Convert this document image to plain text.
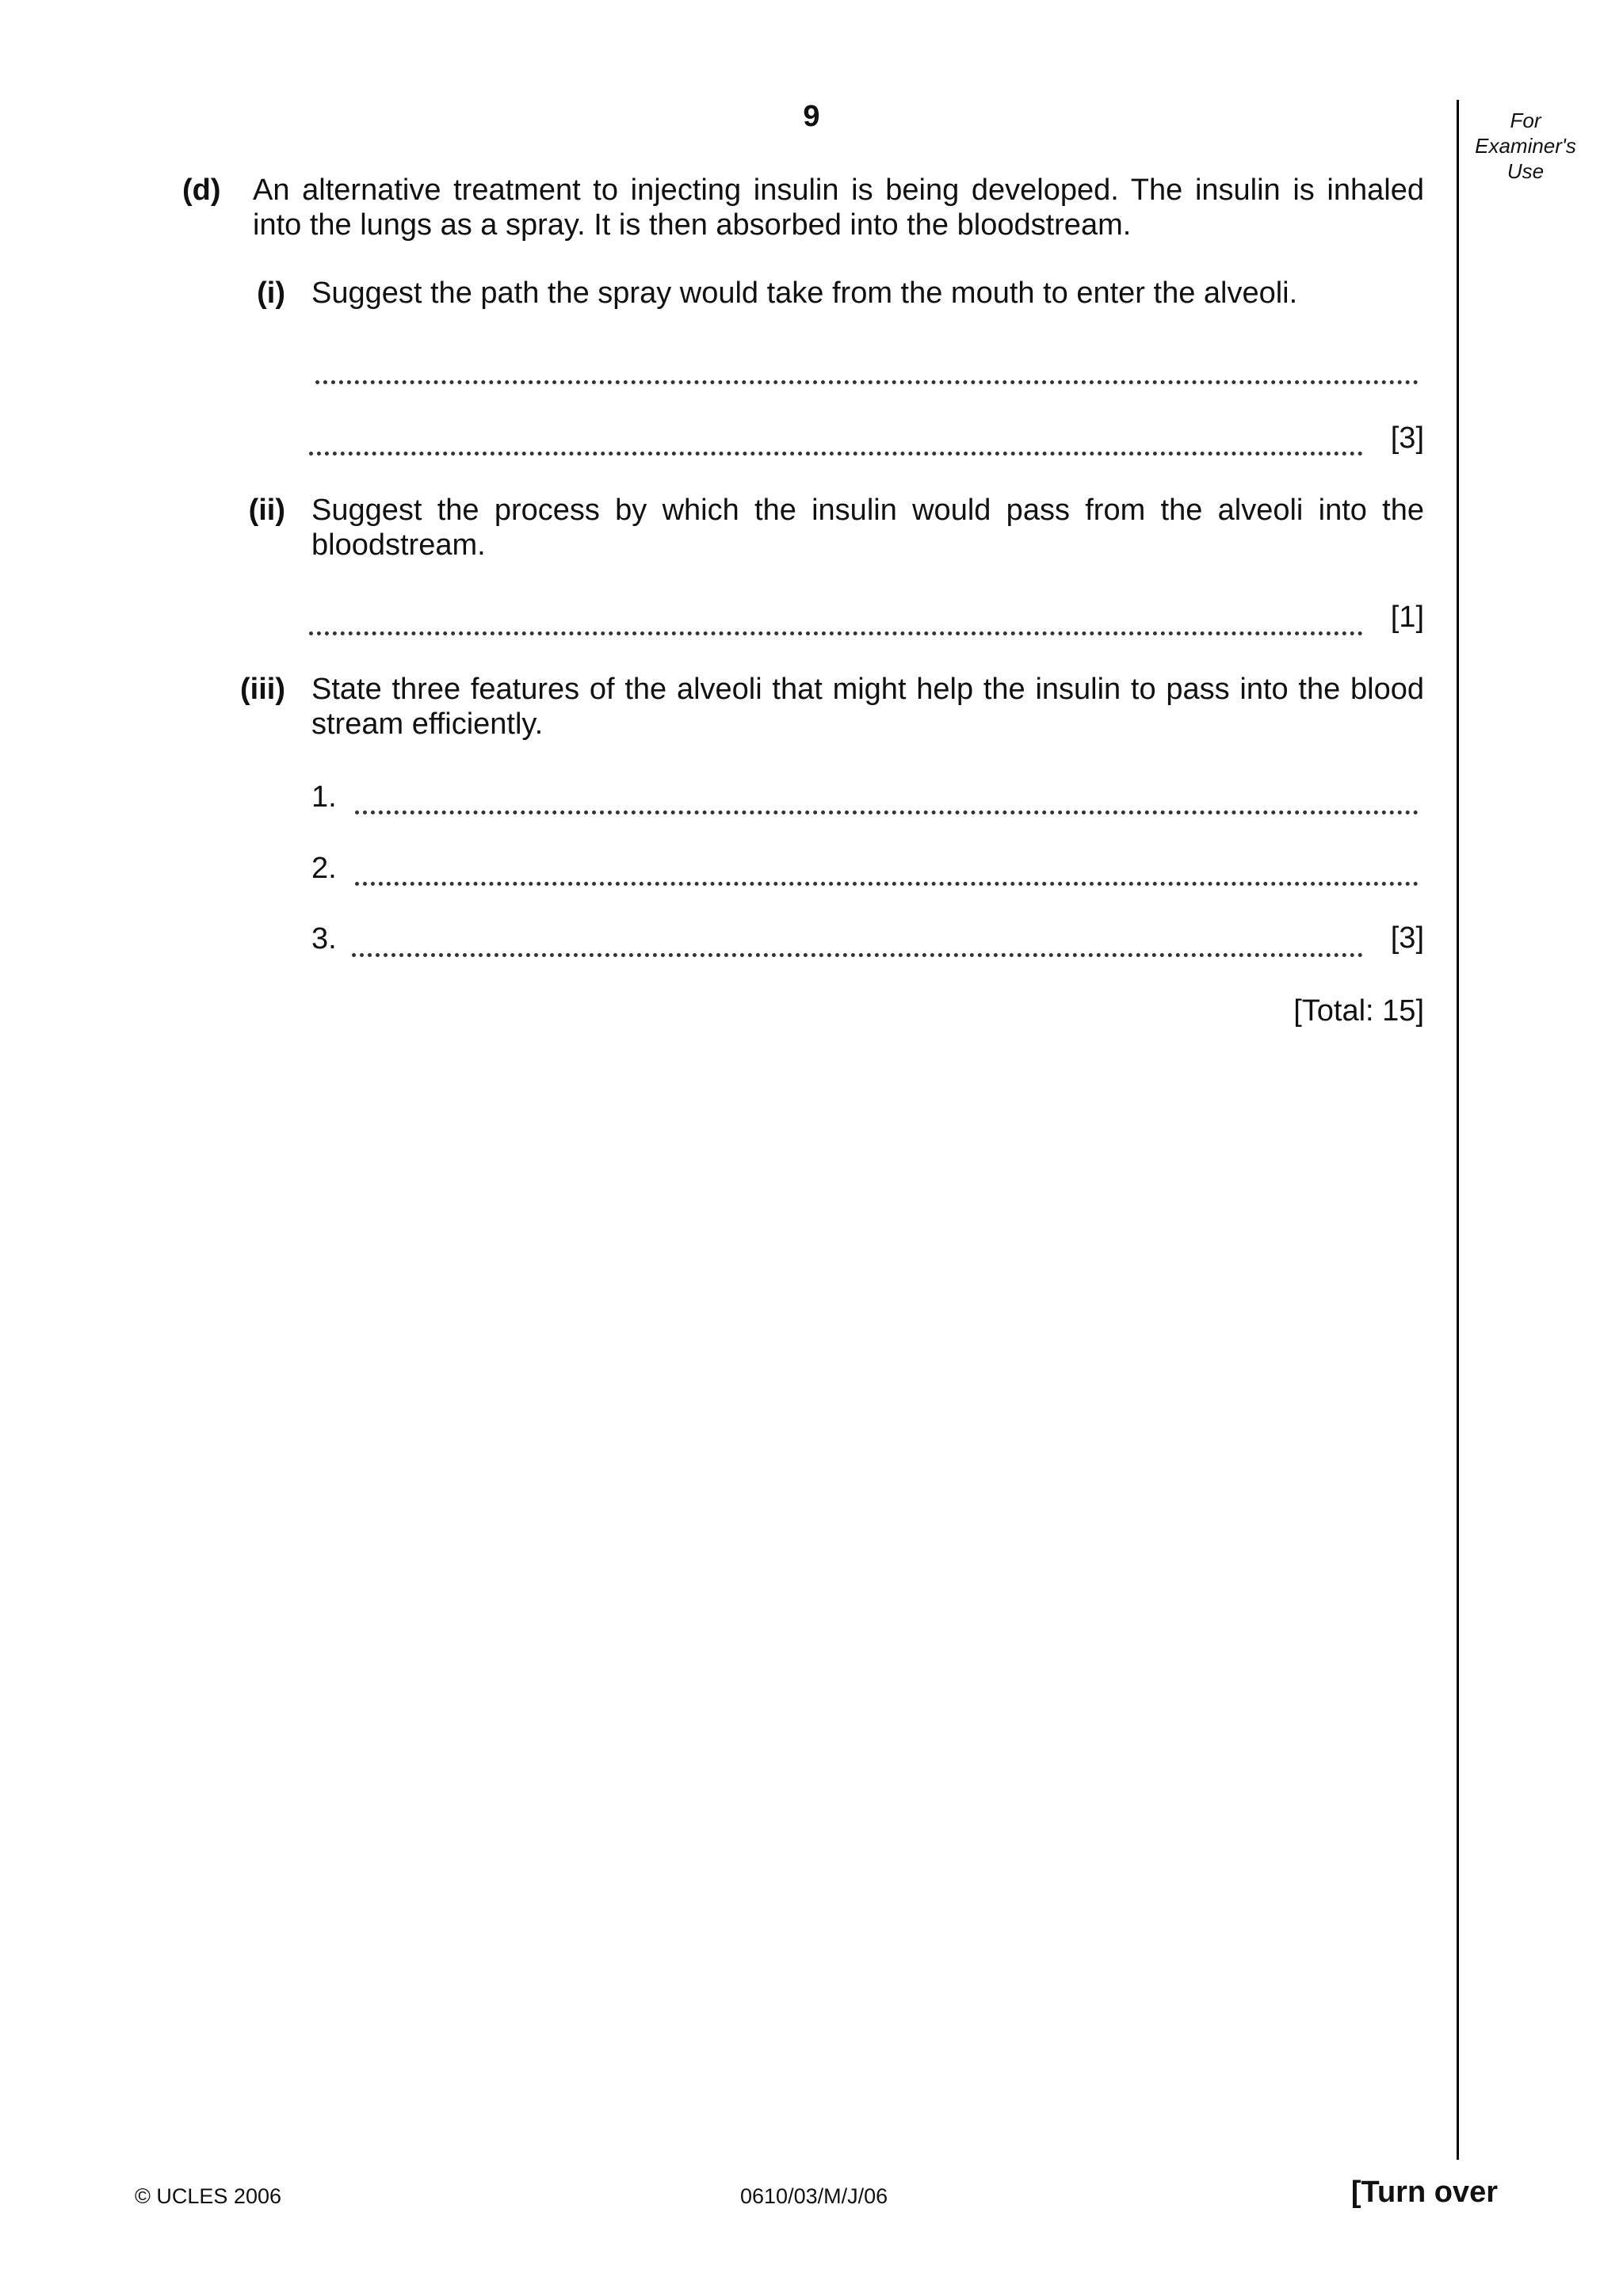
9	For
Examiner's
Use
(d)	An alternative treatment to injecting insulin is being developed. The insulin is inhaled into the lungs as a spray. It is then absorbed into the bloodstream.
(i) Suggest the path the spray would take from the mouth to enter the alveoli.
[3]
(ii) Suggest the process by which the insulin would pass from the alveoli into the bloodstream.
[1]
(iii) State three features of the alveoli that might help the insulin to pass into the blood stream efficiently.
1.
2.
3.	[3]
[Total: 15]
© UCLES 2006	0610/03/M/J/06	[Turn over
